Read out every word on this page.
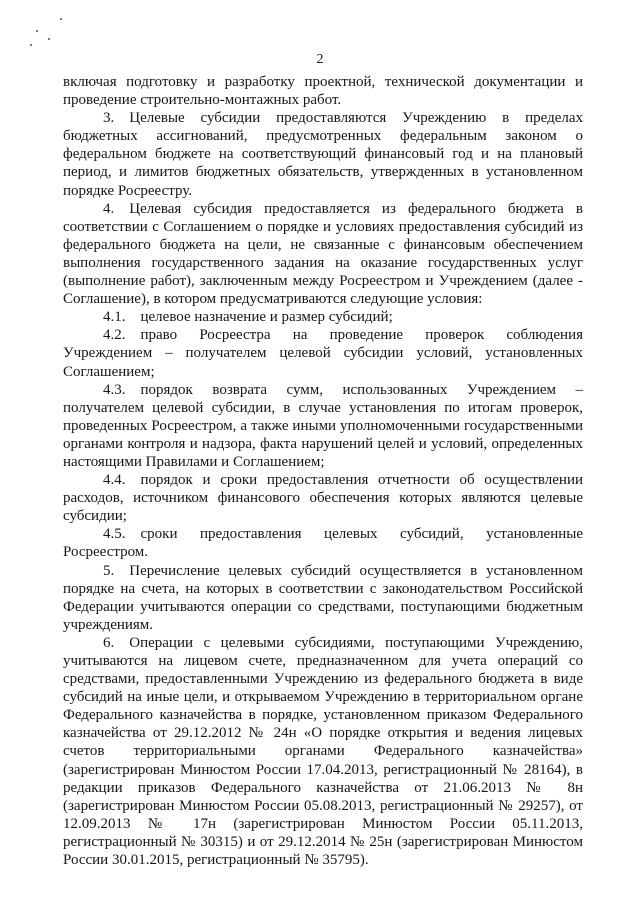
2

включая подготовку и разработку проектной, технической документации и проведение строительно-монтажных работ.

3. Целевые субсидии предоставляются Учреждению в пределах бюджетных ассигнований, предусмотренных федеральным законом о федеральном бюджете на соответствующий финансовый год и на плановый период, и лимитов бюджетных обязательств, утвержденных в установленном порядке Росреестру.

4. Целевая субсидия предоставляется из федерального бюджета в соответствии с Соглашением о порядке и условиях предоставления субсидий из федерального бюджета на цели, не связанные с финансовым обеспечением выполнения государственного задания на оказание государственных услуг (выполнение работ), заключенным между Росреестром и Учреждением (далее - Соглашение), в котором предусматриваются следующие условия:

4.1. целевое назначение и размер субсидий;

4.2. право Росреестра на проведение проверок соблюдения Учреждением – получателем целевой субсидии условий, установленных Соглашением;

4.3. порядок возврата сумм, использованных Учреждением – получателем целевой субсидии, в случае установления по итогам проверок, проведенных Росреестром, а также иными уполномоченными государственными органами контроля и надзора, факта нарушений целей и условий, определенных настоящими Правилами и Соглашением;

4.4. порядок и сроки предоставления отчетности об осуществлении расходов, источником финансового обеспечения которых являются целевые субсидии;

4.5. сроки предоставления целевых субсидий, установленные Росреестром.

5. Перечисление целевых субсидий осуществляется в установленном порядке на счета, на которых в соответствии с законодательством Российской Федерации учитываются операции со средствами, поступающими бюджетным учреждениям.

6. Операции с целевыми субсидиями, поступающими Учреждению, учитываются на лицевом счете, предназначенном для учета операций со средствами, предоставленными Учреждению из федерального бюджета в виде субсидий на иные цели, и открываемом Учреждению в территориальном органе Федерального казначейства в порядке, установленном приказом Федерального казначейства от 29.12.2012 № 24н «О порядке открытия и ведения лицевых счетов территориальными органами Федерального казначейства» (зарегистрирован Минюстом России 17.04.2013, регистрационный № 28164), в редакции приказов Федерального казначейства от 21.06.2013 № 8н (зарегистрирован Минюстом России 05.08.2013, регистрационный № 29257), от 12.09.2013 № 17н (зарегистрирован Минюстом России 05.11.2013, регистрационный № 30315) и от 29.12.2014 № 25н (зарегистрирован Минюстом России 30.01.2015, регистрационный № 35795).
